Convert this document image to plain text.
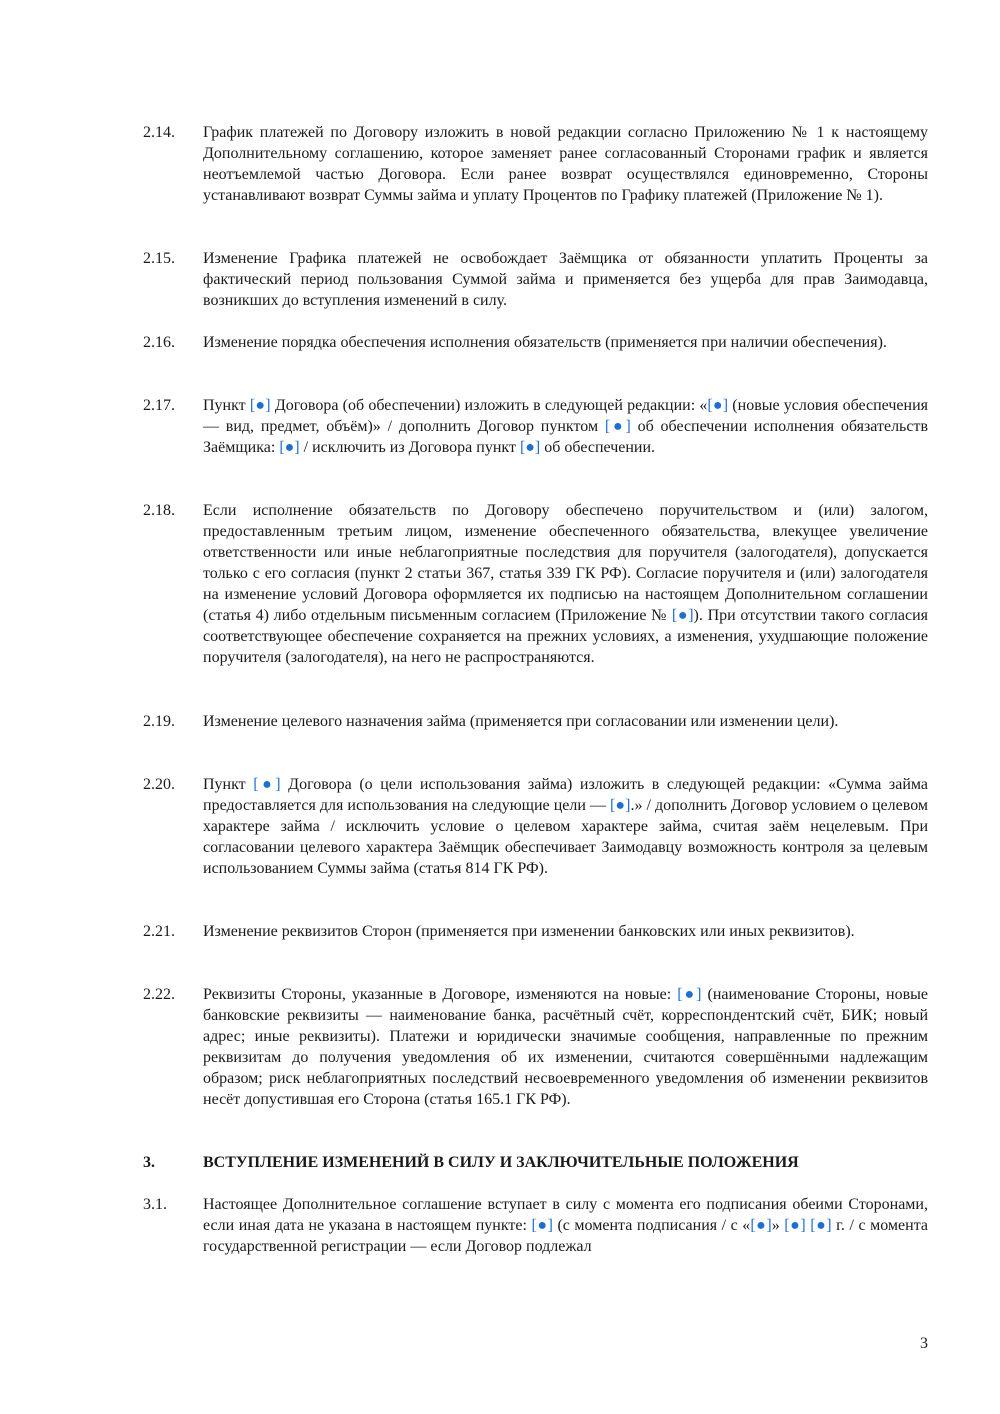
2.14.	График платежей по Договору изложить в новой редакции согласно Приложению № 1 к настоящему Дополнительному соглашению, которое заменяет ранее согласованный Сторонами график и является неотъемлемой частью Договора. Если ранее возврат осуществлялся единовременно, Стороны устанавливают возврат Суммы займа и уплату Процентов по Графику платежей (Приложение № 1).
2.15.	Изменение Графика платежей не освобождает Заёмщика от обязанности уплатить Проценты за фактический период пользования Суммой займа и применяется без ущерба для прав Заимодавца, возникших до вступления изменений в силу.
2.16.	Изменение порядка обеспечения исполнения обязательств (применяется при наличии обеспечения).
2.17.	Пункт [●] Договора (об обеспечении) изложить в следующей редакции: «[●] (новые условия обеспечения — вид, предмет, объём)» / дополнить Договор пунктом [●] об обеспечении исполнения обязательств Заёмщика: [●] / исключить из Договора пункт [●] об обеспечении.
2.18.	Если исполнение обязательств по Договору обеспечено поручительством и (или) залогом, предоставленным третьим лицом, изменение обеспеченного обязательства, влекущее увеличение ответственности или иные неблагоприятные последствия для поручителя (залогодателя), допускается только с его согласия (пункт 2 статьи 367, статья 339 ГК РФ). Согласие поручителя и (или) залогодателя на изменение условий Договора оформляется их подписью на настоящем Дополнительном соглашении (статья 4) либо отдельным письменным согласием (Приложение № [●]). При отсутствии такого согласия соответствующее обеспечение сохраняется на прежних условиях, а изменения, ухудшающие положение поручителя (залогодателя), на него не распространяются.
2.19.	Изменение целевого назначения займа (применяется при согласовании или изменении цели).
2.20.	Пункт [●] Договора (о цели использования займа) изложить в следующей редакции: «Сумма займа предоставляется для использования на следующие цели — [●].» / дополнить Договор условием о целевом характере займа / исключить условие о целевом характере займа, считая заём нецелевым. При согласовании целевого характера Заёмщик обеспечивает Заимодавцу возможность контроля за целевым использованием Суммы займа (статья 814 ГК РФ).
2.21.	Изменение реквизитов Сторон (применяется при изменении банковских или иных реквизитов).
2.22.	Реквизиты Стороны, указанные в Договоре, изменяются на новые: [●] (наименование Стороны, новые банковские реквизиты — наименование банка, расчётный счёт, корреспондентский счёт, БИК; новый адрес; иные реквизиты). Платежи и юридически значимые сообщения, направленные по прежним реквизитам до получения уведомления об их изменении, считаются совершёнными надлежащим образом; риск неблагоприятных последствий несвоевременного уведомления об изменении реквизитов несёт допустившая его Сторона (статья 165.1 ГК РФ).
3.	ВСТУПЛЕНИЕ ИЗМЕНЕНИЙ В СИЛУ И ЗАКЛЮЧИТЕЛЬНЫЕ ПОЛОЖЕНИЯ
3.1.	Настоящее Дополнительное соглашение вступает в силу с момента его подписания обеими Сторонами, если иная дата не указана в настоящем пункте: [●] (с момента подписания / с «[●]» [●] [●] г. / с момента государственной регистрации — если Договор подлежал
3
